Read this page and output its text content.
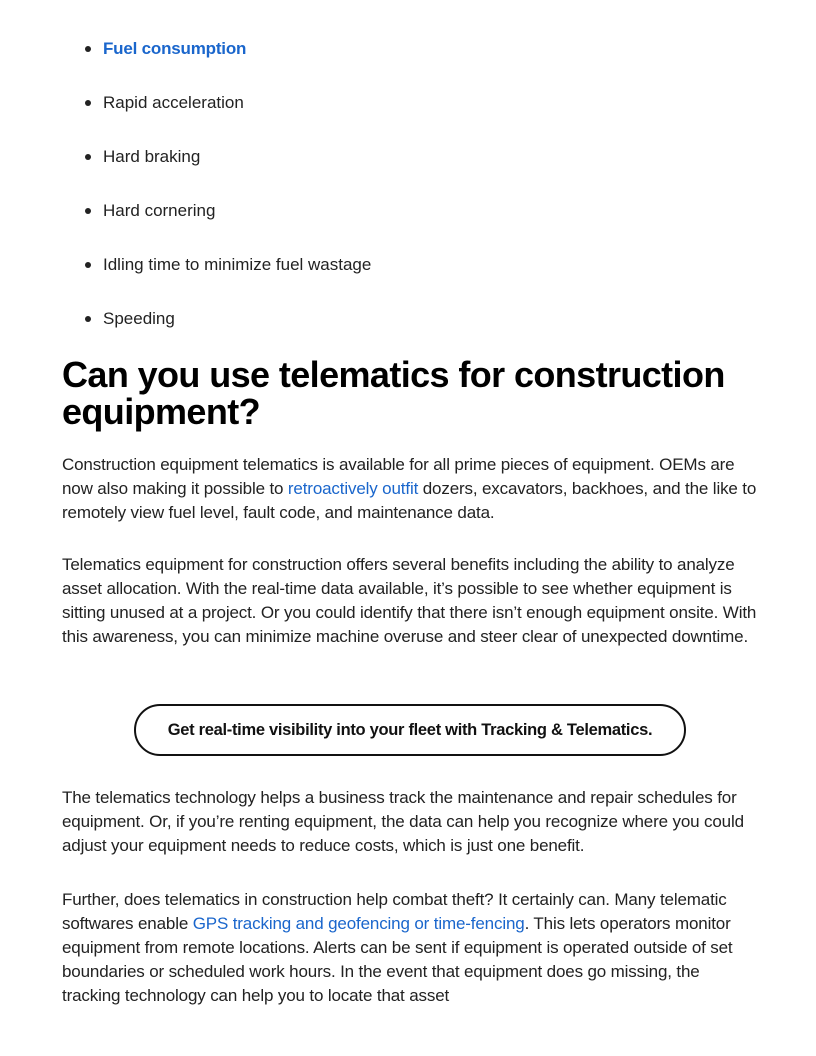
Fuel consumption
Rapid acceleration
Hard braking
Hard cornering
Idling time to minimize fuel wastage
Speeding
Can you use telematics for construction equipment?

Construction equipment telematics is available for all prime pieces of equipment. OEMs are now also making it possible to retroactively outfit dozers, excavators, backhoes, and the like to remotely view fuel level, fault code, and maintenance data.

Telematics equipment for construction offers several benefits including the ability to analyze asset allocation. With the real-time data available, it’s possible to see whether equipment is sitting unused at a project. Or you could identify that there isn’t enough equipment onsite. With this awareness, you can minimize machine overuse and steer clear of unexpected downtime.

Get real-time visibility into your fleet with Tracking & Telematics.

The telematics technology helps a business track the maintenance and repair schedules for equipment. Or, if you’re renting equipment, the data can help you recognize where you could adjust your equipment needs to reduce costs, which is just one benefit.

Further, does telematics in construction help combat theft? It certainly can. Many telematic softwares enable GPS tracking and geofencing or time-fencing. This lets operators monitor equipment from remote locations. Alerts can be sent if equipment is operated outside of set boundaries or scheduled work hours. In the event that equipment does go missing, the tracking technology can help you to locate that asset
